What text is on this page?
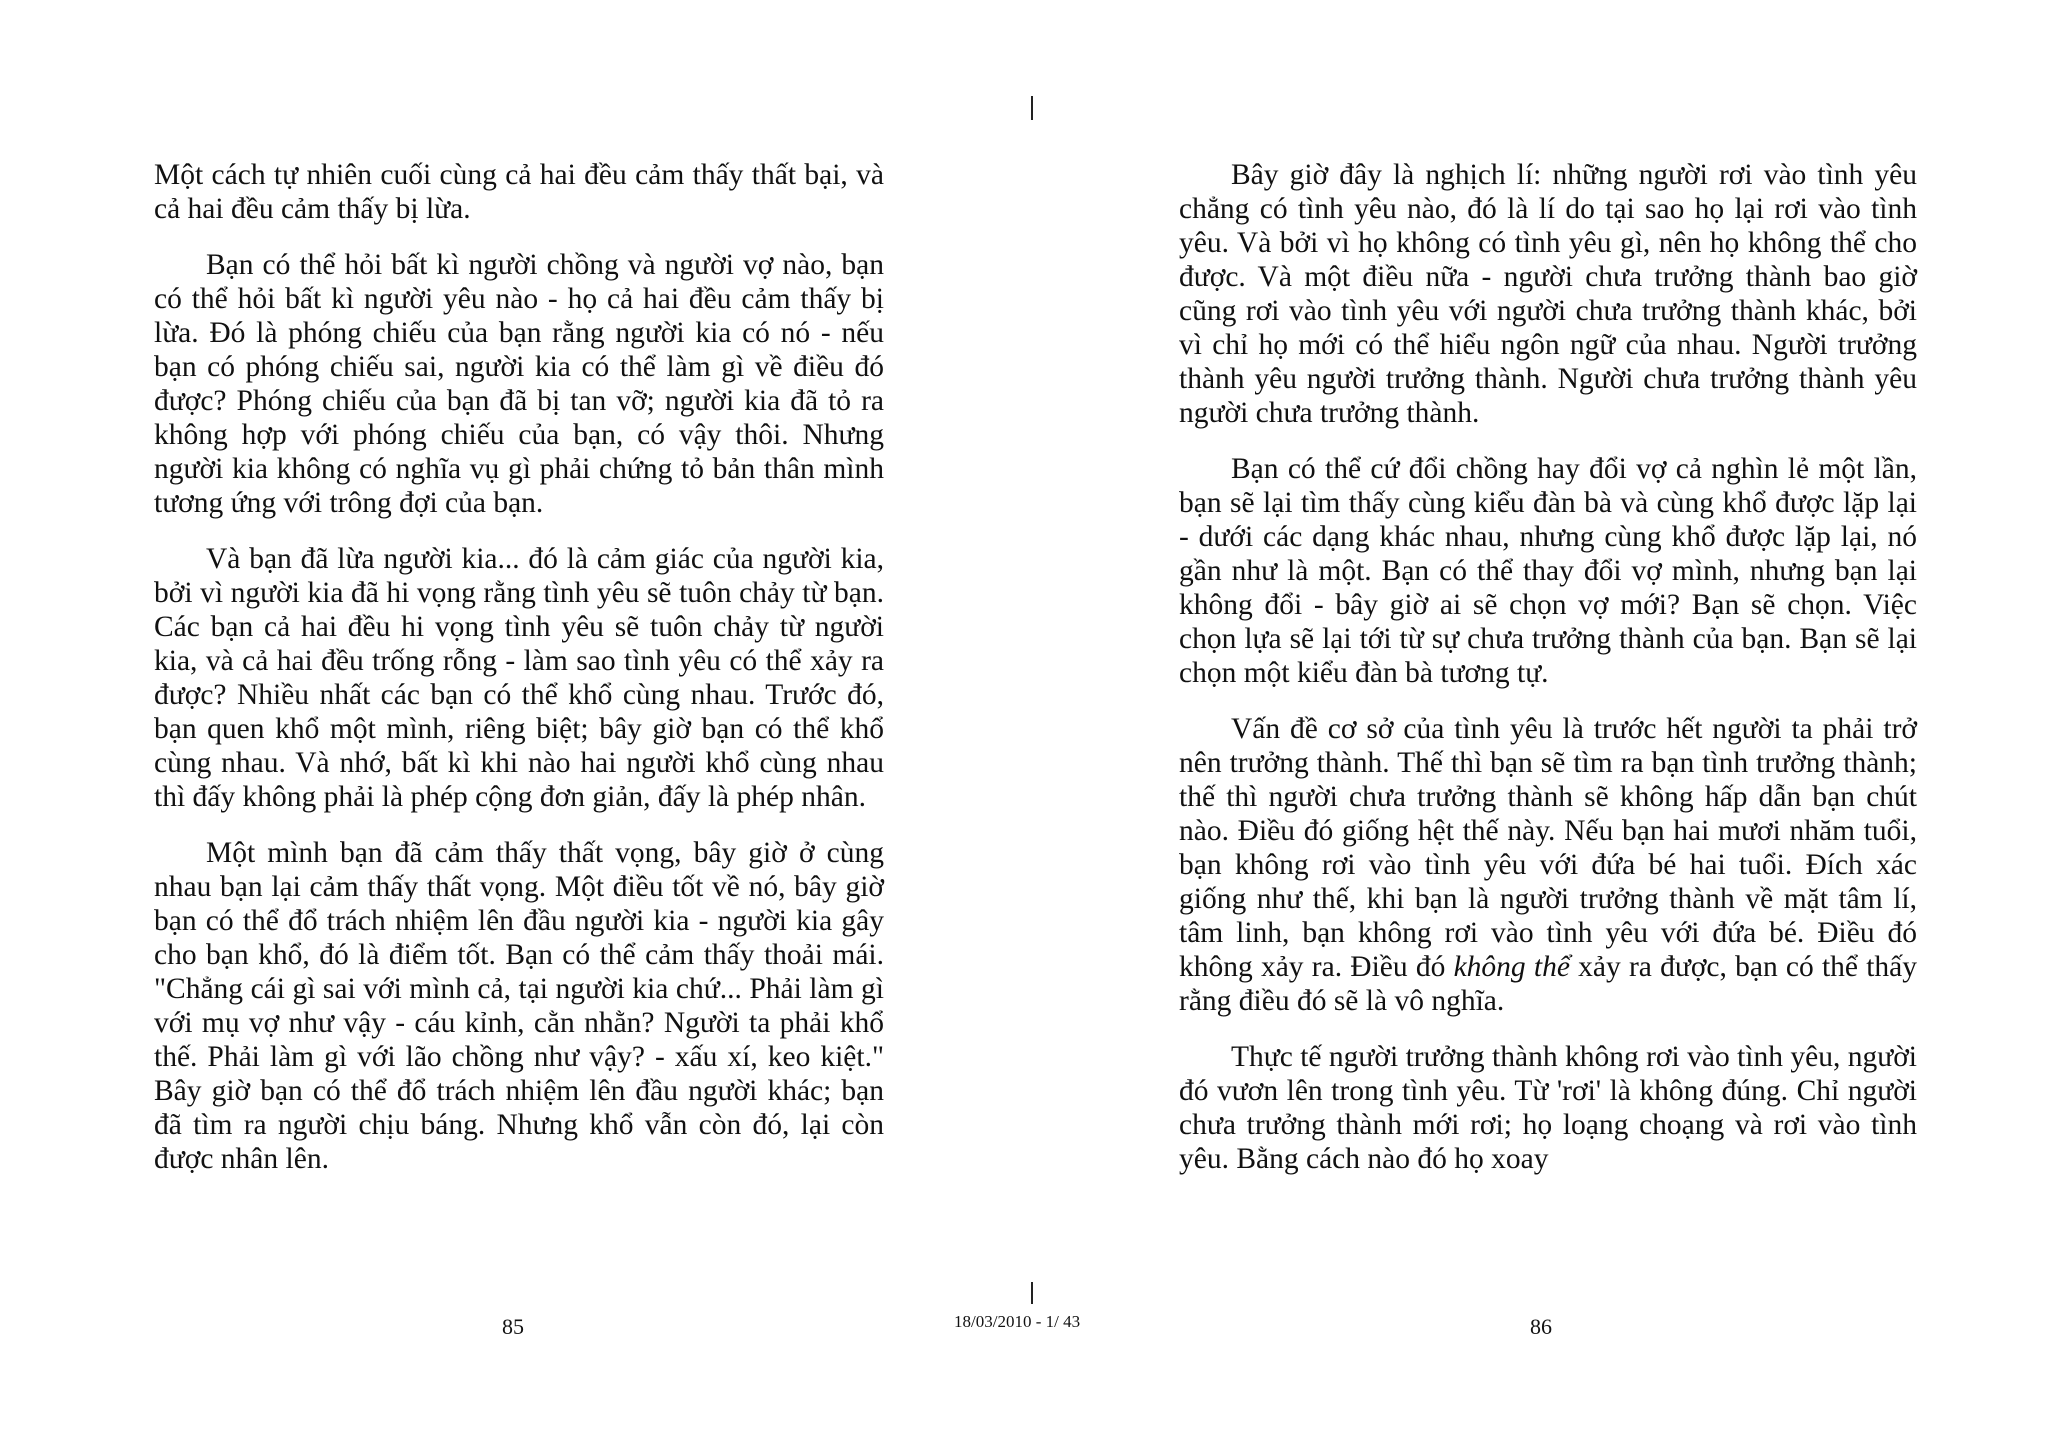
Một cách tự nhiên cuối cùng cả hai đều cảm thấy thất bại, và cả hai đều cảm thấy bị lừa.

Bạn có thể hỏi bất kì người chồng và người vợ nào, bạn có thể hỏi bất kì người yêu nào - họ cả hai đều cảm thấy bị lừa. Đó là phóng chiếu của bạn rằng người kia có nó - nếu bạn có phóng chiếu sai, người kia có thể làm gì về điều đó được? Phóng chiếu của bạn đã bị tan vỡ; người kia đã tỏ ra không hợp với phóng chiếu của bạn, có vậy thôi. Nhưng người kia không có nghĩa vụ gì phải chứng tỏ bản thân mình tương ứng với trông đợi của bạn.

Và bạn đã lừa người kia... đó là cảm giác của người kia, bởi vì người kia đã hi vọng rằng tình yêu sẽ tuôn chảy từ bạn. Các bạn cả hai đều hi vọng tình yêu sẽ tuôn chảy từ người kia, và cả hai đều trống rỗng - làm sao tình yêu có thể xảy ra được? Nhiều nhất các bạn có thể khổ cùng nhau. Trước đó, bạn quen khổ một mình, riêng biệt; bây giờ bạn có thể khổ cùng nhau. Và nhớ, bất kì khi nào hai người khổ cùng nhau thì đấy không phải là phép cộng đơn giản, đấy là phép nhân.

Một mình bạn đã cảm thấy thất vọng, bây giờ ở cùng nhau bạn lại cảm thấy thất vọng. Một điều tốt về nó, bây giờ bạn có thể đổ trách nhiệm lên đầu người kia - người kia gây cho bạn khổ, đó là điểm tốt. Bạn có thể cảm thấy thoải mái. "Chẳng cái gì sai với mình cả, tại người kia chứ... Phải làm gì với mụ vợ như vậy - cáu kỉnh, cằn nhằn? Người ta phải khổ thế. Phải làm gì với lão chồng như vậy? - xấu xí, keo kiệt." Bây giờ bạn có thể đổ trách nhiệm lên đầu người khác; bạn đã tìm ra người chịu báng. Nhưng khổ vẫn còn đó, lại còn được nhân lên.

Bây giờ đây là nghịch lí: những người rơi vào tình yêu chẳng có tình yêu nào, đó là lí do tại sao họ lại rơi vào tình yêu. Và bởi vì họ không có tình yêu gì, nên họ không thể cho được. Và một điều nữa - người chưa trưởng thành bao giờ cũng rơi vào tình yêu với người chưa trưởng thành khác, bởi vì chỉ họ mới có thể hiểu ngôn ngữ của nhau. Người trưởng thành yêu người trưởng thành. Người chưa trưởng thành yêu người chưa trưởng thành.

Bạn có thể cứ đổi chồng hay đổi vợ cả nghìn lẻ một lần, bạn sẽ lại tìm thấy cùng kiểu đàn bà và cùng khổ được lặp lại - dưới các dạng khác nhau, nhưng cùng khổ được lặp lại, nó gần như là một. Bạn có thể thay đổi vợ mình, nhưng bạn lại không đổi - bây giờ ai sẽ chọn vợ mới? Bạn sẽ chọn. Việc chọn lựa sẽ lại tới từ sự chưa trưởng thành của bạn. Bạn sẽ lại chọn một kiểu đàn bà tương tự.

Vấn đề cơ sở của tình yêu là trước hết người ta phải trở nên trưởng thành. Thế thì bạn sẽ tìm ra bạn tình trưởng thành; thế thì người chưa trưởng thành sẽ không hấp dẫn bạn chút nào. Điều đó giống hệt thế này. Nếu bạn hai mươi nhăm tuổi, bạn không rơi vào tình yêu với đứa bé hai tuổi. Đích xác giống như thế, khi bạn là người trưởng thành về mặt tâm lí, tâm linh, bạn không rơi vào tình yêu với đứa bé. Điều đó không xảy ra. Điều đó không thể xảy ra được, bạn có thể thấy rằng điều đó sẽ là vô nghĩa.

Thực tế người trưởng thành không rơi vào tình yêu, người đó vươn lên trong tình yêu. Từ 'rơi' là không đúng. Chỉ người chưa trưởng thành mới rơi; họ loạng choạng và rơi vào tình yêu. Bằng cách nào đó họ xoay

85	18/03/2010 - 1/ 43	86
